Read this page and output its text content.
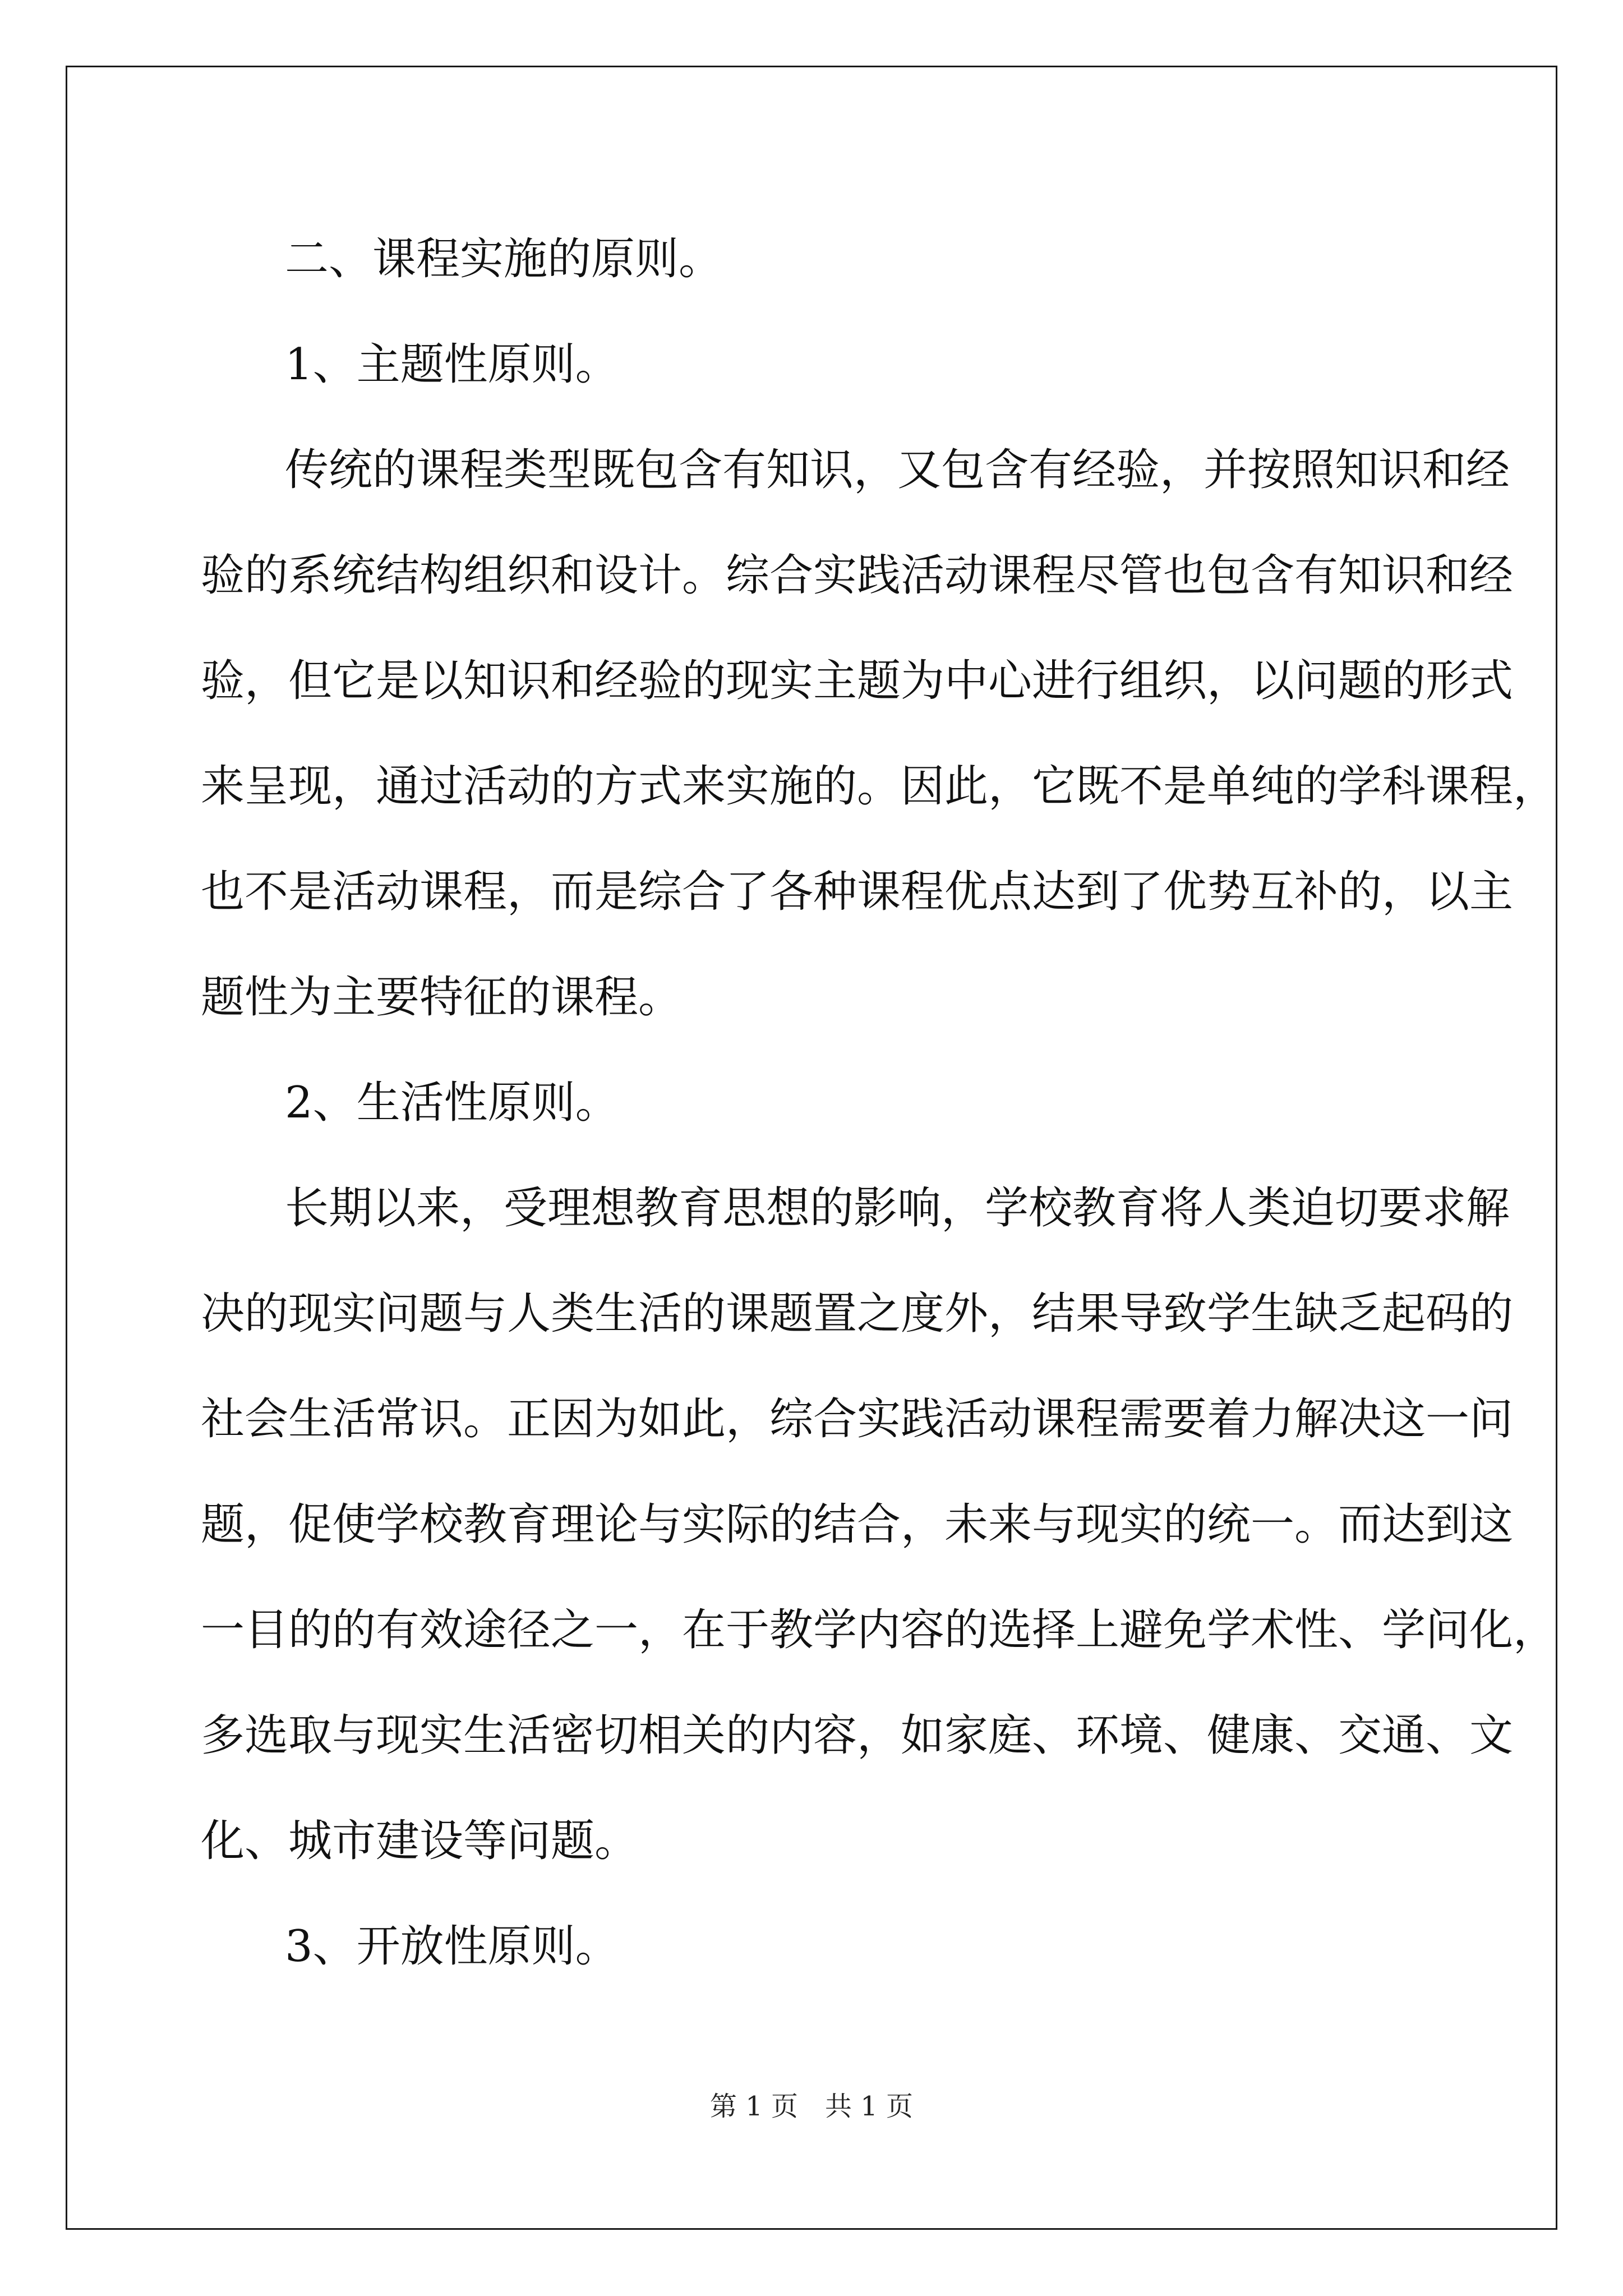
二、课程实施的原则。
1、主题性原则。
传统的课程类型既包含有知识，又包含有经验，并按照知识和经
验的系统结构组织和设计。综合实践活动课程尽管也包含有知识和经
验，但它是以知识和经验的现实主题为中心进行组织，以问题的形式
来呈现，通过活动的方式来实施的。因此，它既不是单纯的学科课程，
也不是活动课程，而是综合了各种课程优点达到了优势互补的，以主
题性为主要特征的课程。
2、生活性原则。
长期以来，受理想教育思想的影响，学校教育将人类迫切要求解
决的现实问题与人类生活的课题置之度外，结果导致学生缺乏起码的
社会生活常识。正因为如此，综合实践活动课程需要着力解决这一问
题，促使学校教育理论与实际的结合，未来与现实的统一。而达到这
一目的的有效途径之一，在于教学内容的选择上避免学术性、学问化，
多选取与现实生活密切相关的内容，如家庭、环境、健康、交通、文
化、城市建设等问题。
3、开放性原则。
第 1 页　共 1 页
